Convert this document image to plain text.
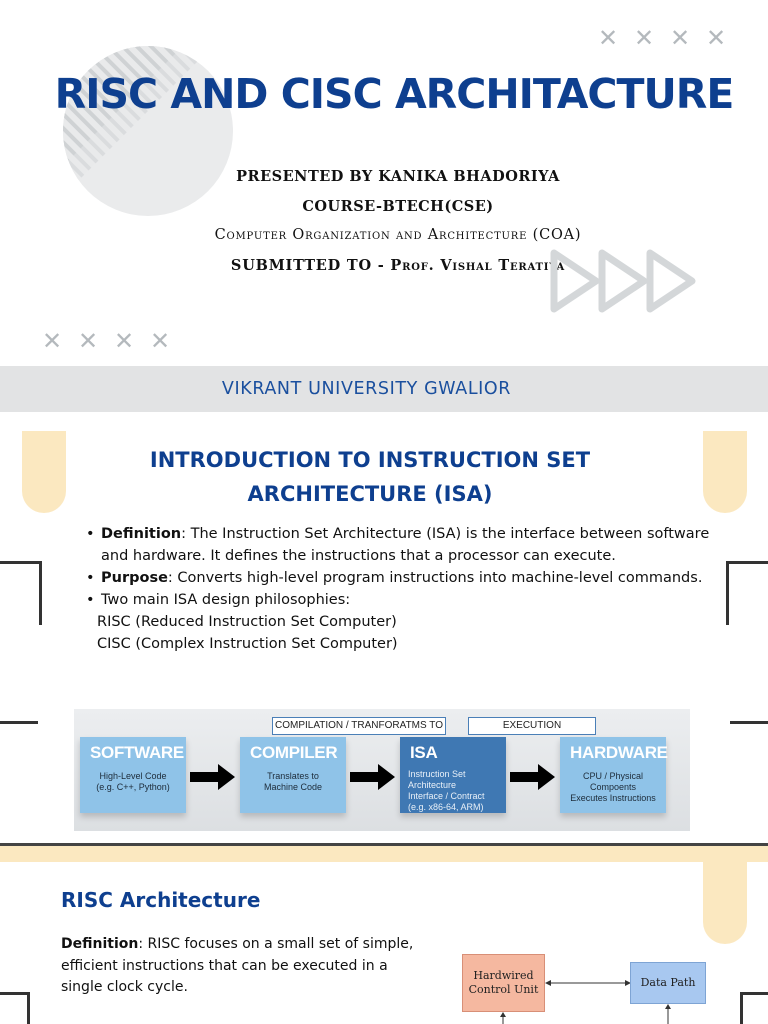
✕ ✕ ✕ ✕
RISC AND CISC ARCHITACTURE
PRESENTED BY KANIKA BHADORIYA
COURSE-BTECH(CSE)
Computer Organization and Architecture (COA)
SUBMITTED TO - Prof. Vishal Teratiya
✕ ✕ ✕ ✕
VIKRANT UNIVERSITY GWALIOR
INTRODUCTION TO INSTRUCTION SET ARCHITECTURE (ISA)
• Definition: The Instruction Set Architecture (ISA) is the interface between software and hardware. It defines the instructions that a processor can execute.
• Purpose: Converts high-level program instructions into machine-level commands.
• Two main ISA design philosophies:
RISC (Reduced Instruction Set Computer)
CISC (Complex Instruction Set Computer)
COMPILATION / TRANFORATMS TO	EXECUTION
SOFTWARE
High-Level Code
(e.g. C++, Python)
COMPILER
Translates to
Machine Code
ISA
Instruction Set Architecture
Interface / Contract
(e.g. x86-64, ARM)
HARDWARE
CPU / Physical Compoents
Executes Instructions
RISC Architecture

Definition: RISC focuses on a small set of simple, efficient instructions that can be executed in a single clock cycle.

Hardwired Control Unit
Data Path
